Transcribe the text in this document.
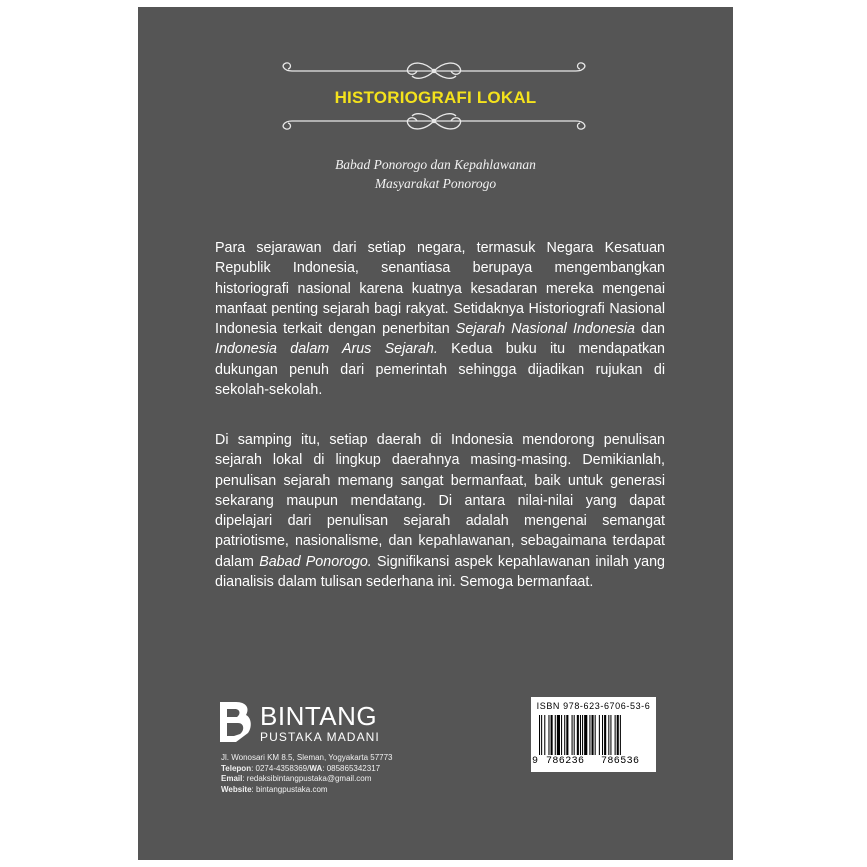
HISTORIOGRAFI LOKAL
Babad Ponorogo dan Kepahlawanan
Masyarakat Ponorogo

Para sejarawan dari setiap negara, termasuk Negara Kesatuan Republik Indonesia, senantiasa berupaya mengembangkan historiografi nasional karena kuatnya kesadaran mereka mengenai manfaat penting sejarah bagi rakyat. Setidaknya Historiografi Nasional Indonesia terkait dengan penerbitan Sejarah Nasional Indonesia dan Indonesia dalam Arus Sejarah. Kedua buku itu mendapatkan dukungan penuh dari pemerintah sehingga dijadikan rujukan di sekolah-sekolah.

Di samping itu, setiap daerah di Indonesia mendorong penulisan sejarah lokal di lingkup daerahnya masing-masing. Demikianlah, penulisan sejarah memang sangat bermanfaat, baik untuk generasi sekarang maupun mendatang. Di antara nilai-nilai yang dapat dipelajari dari penulisan sejarah adalah mengenai semangat patriotisme, nasionalisme, dan kepahlawanan, sebagaimana terdapat dalam Babad Ponorogo. Signifikansi aspek kepahlawanan inilah yang dianalisis dalam tulisan sederhana ini. Semoga bermanfaat.

BINTANG
PUSTAKA MADANI
Jl. Wonosari KM 8.5, Sleman, Yogyakarta 57773
Telepon: 0274-4358369/WA: 085865342317
Email: redaksibintangpustaka@gmail.com
Website: bintangpustaka.com
ISBN 978-623-6706-53-6
9 786236 786536
